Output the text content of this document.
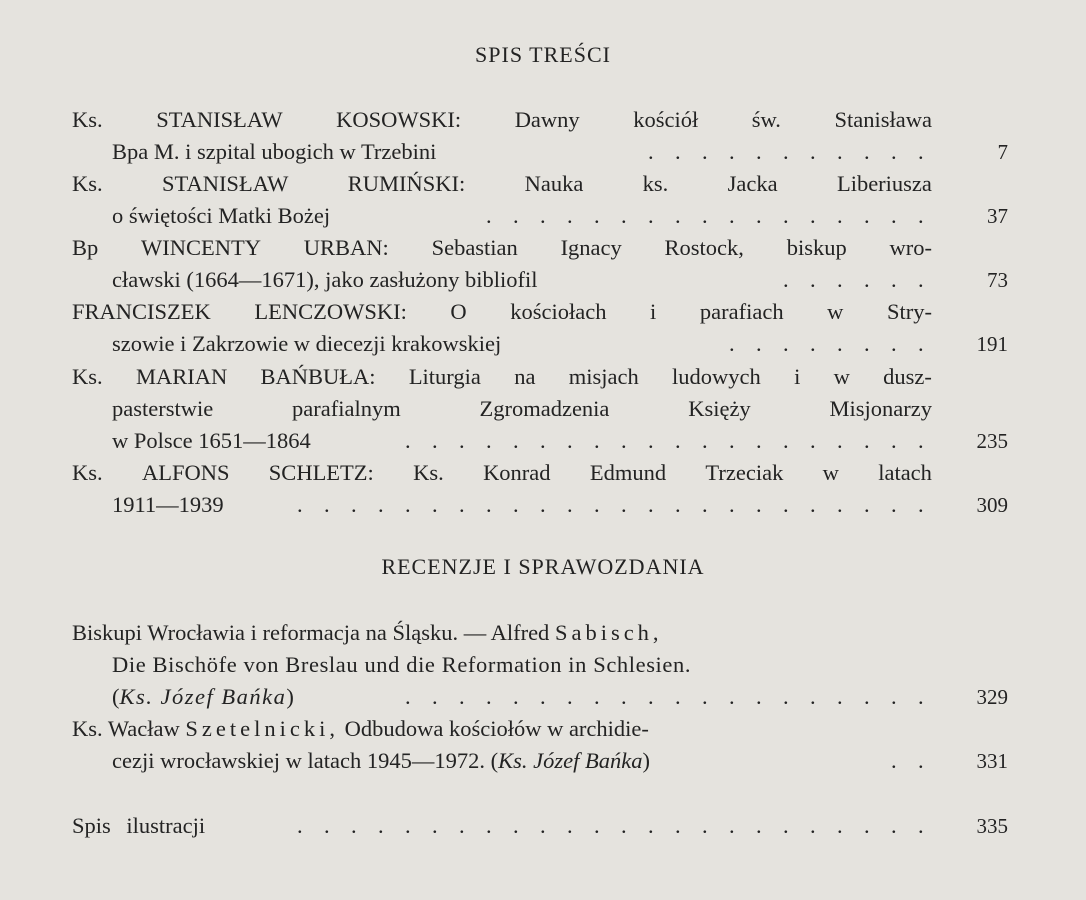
SPIS TREŚCI
Ks. STANISŁAW KOSOWSKI: Dawny kościół św. Stanisława
Bpa M. i szpital ubogich w Trzebini	. . . . . . . . . . .	7
Ks.	STANISŁAW	RUMIŃSKI:	Nauka	ks.	Jacka	Liberiusza
o świętości Matki Bożej	. . . . . . . . . . . . . . . . .	37
Bp WINCENTY URBAN: Sebastian Ignacy Rostock, biskup wro-
cławski (1664—1671), jako zasłużony bibliofil	. . . . . .	73
FRANCISZEK LENCZOWSKI: O kościołach i parafiach w Stry-
szowie i Zakrzowie w diecezji krakowskiej	. . . . . . . .	191
Ks. MARIAN BAŃBUŁA: Liturgia na misjach ludowych i w dusz-
pasterstwie	parafialnym	Zgromadzenia	Księży	Misjonarzy
w Polsce 1651—1864	. . . . . . . . . . . . . . . . . . . .	235
Ks. ALFONS SCHLETZ: Ks. Konrad Edmund Trzeciak w latach
1911—1939	. . . . . . . . . . . . . . . . . . . . . . . .	309
RECENZJE I SPRAWOZDANIA
Biskupi Wrocławia i reformacja na Śląsku. — Alfred Sabisch,
Die Bischöfe von Breslau und die Reformation in Schlesien.
(Ks. Józef Bańka)	. . . . . . . . . . . . . . . . . . . .	329
Ks. Wacław Szetelnicki, Odbudowa kościołów w archidie-
cezji wrocławskiej w latach 1945—1972. (Ks. Józef Bańka)	. .	331
Spis ilustracji	. . . . . . . . . . . . . . . . . . . . . . . .	335
